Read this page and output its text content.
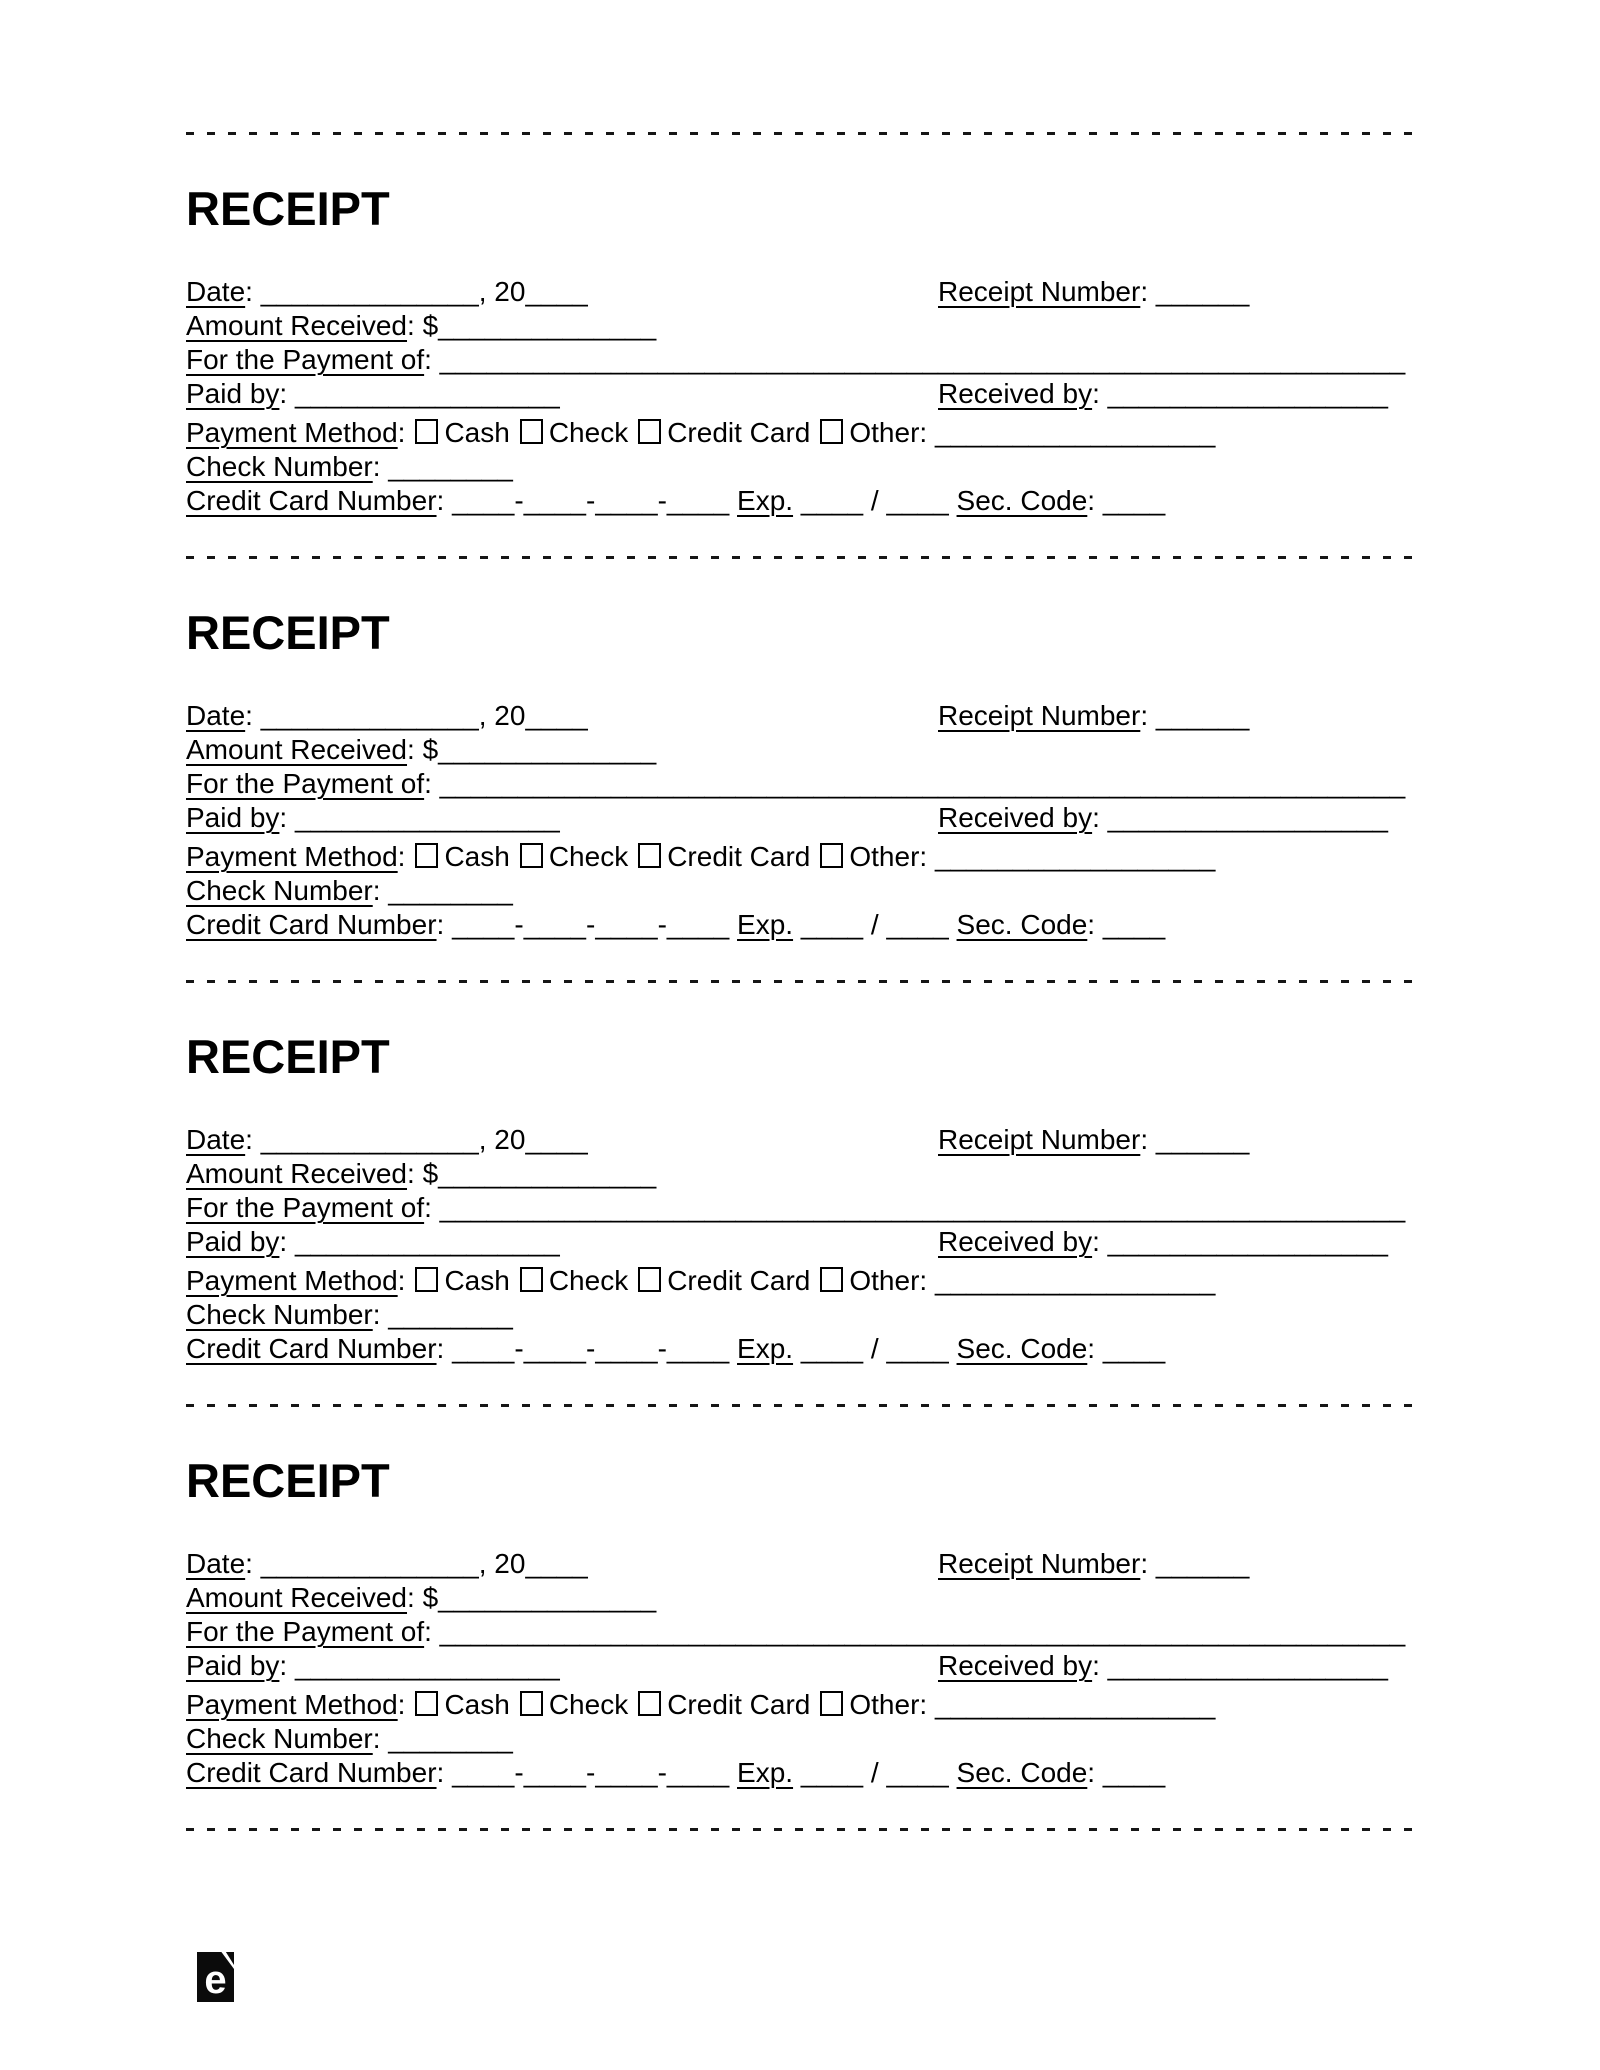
RECEIPT
Date: ______________, 20____	Receipt Number: ______
Amount Received: $______________
For the Payment of: ______________________________________________________________
Paid by: _________________	Received by: __________________
Payment Method: Cash Check Credit Card Other: __________________
Check Number: ________
Credit Card Number: ____-____-____-____ Exp. ____ / ____ Sec. Code: ____
RECEIPT
Date: ______________, 20____	Receipt Number: ______
Amount Received: $______________
For the Payment of: ______________________________________________________________
Paid by: _________________	Received by: __________________
Payment Method: Cash Check Credit Card Other: __________________
Check Number: ________
Credit Card Number: ____-____-____-____ Exp. ____ / ____ Sec. Code: ____
RECEIPT
Date: ______________, 20____	Receipt Number: ______
Amount Received: $______________
For the Payment of: ______________________________________________________________
Paid by: _________________	Received by: __________________
Payment Method: Cash Check Credit Card Other: __________________
Check Number: ________
Credit Card Number: ____-____-____-____ Exp. ____ / ____ Sec. Code: ____
RECEIPT
Date: ______________, 20____	Receipt Number: ______
Amount Received: $______________
For the Payment of: ______________________________________________________________
Paid by: _________________	Received by: __________________
Payment Method: Cash Check Credit Card Other: __________________
Check Number: ________
Credit Card Number: ____-____-____-____ Exp. ____ / ____ Sec. Code: ____
e
